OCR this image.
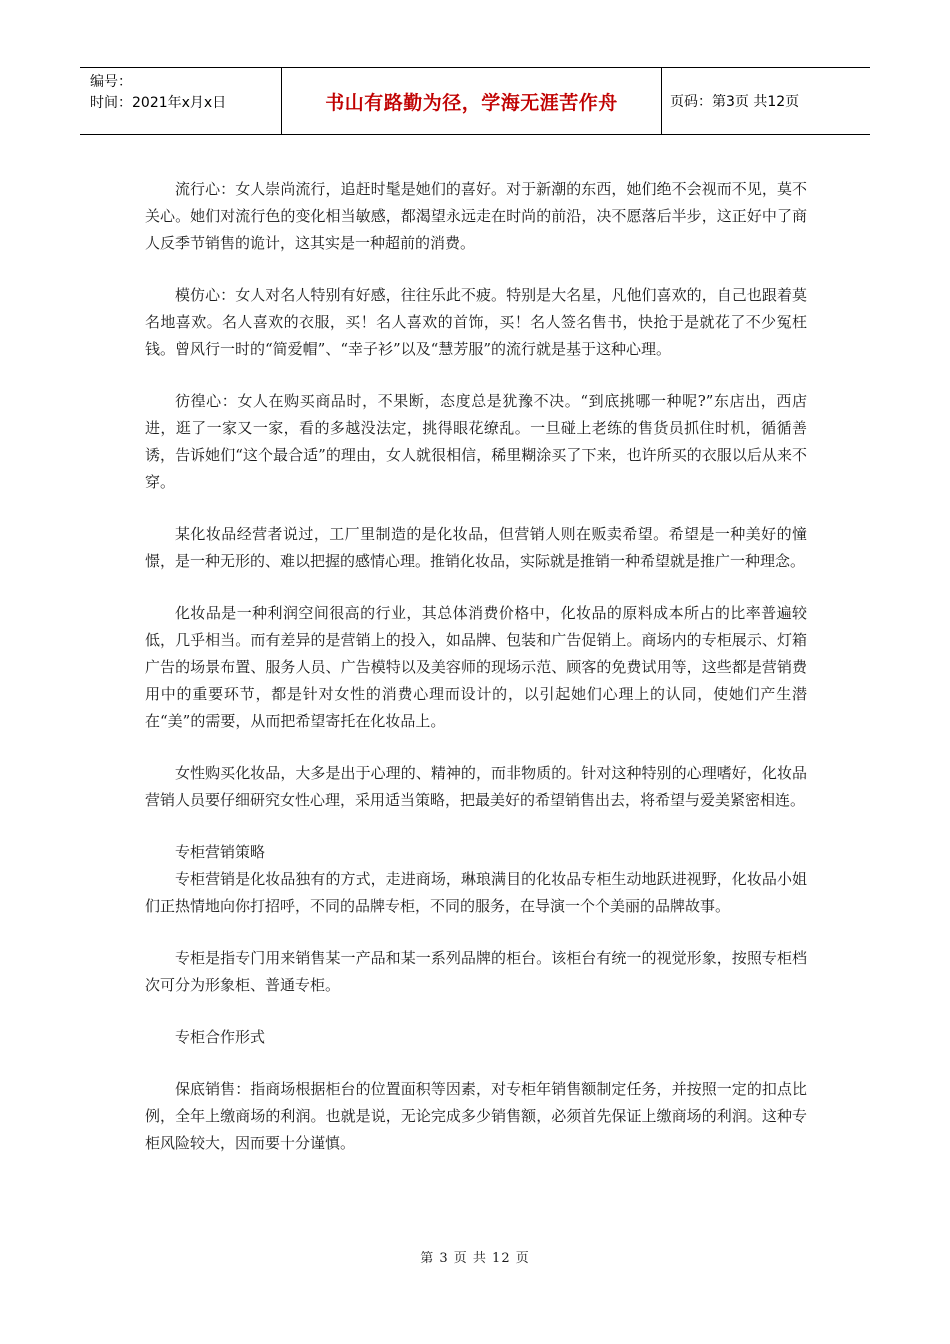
编号：
时间：2021年x月x日	书山有路勤为径，学海无涯苦作舟	页码：第3页 共12页

流行心：女人崇尚流行，追赶时髦是她们的喜好。对于新潮的东西，她们绝不会视而不见，莫不关心。她们对流行色的变化相当敏感，都渴望永远走在时尚的前沿，决不愿落后半步，这正好中了商人反季节销售的诡计，这其实是一种超前的消费。

模仿心：女人对名人特别有好感，往往乐此不疲。特别是大名星，凡他们喜欢的，自己也跟着莫名地喜欢。名人喜欢的衣服，买！名人喜欢的首饰，买！名人签名售书，快抢于是就花了不少冤枉钱。曾风行一时的“简爱帽”、“幸子衫”以及“慧芳服”的流行就是基于这种心理。

彷徨心：女人在购买商品时，不果断，态度总是犹豫不决。“到底挑哪一种呢?”东店出，西店进，逛了一家又一家，看的多越没法定，挑得眼花缭乱。一旦碰上老练的售货员抓住时机，循循善诱，告诉她们“这个最合适”的理由，女人就很相信，稀里糊涂买了下来，也许所买的衣服以后从来不穿。

某化妆品经营者说过，工厂里制造的是化妆品，但营销人则在贩卖希望。希望是一种美好的憧憬，是一种无形的、难以把握的感情心理。推销化妆品，实际就是推销一种希望就是推广一种理念。

化妆品是一种利润空间很高的行业，其总体消费价格中，化妆品的原料成本所占的比率普遍较低，几乎相当。而有差异的是营销上的投入，如品牌、包装和广告促销上。商场内的专柜展示、灯箱广告的场景布置、服务人员、广告模特以及美容师的现场示范、顾客的免费试用等，这些都是营销费用中的重要环节，都是针对女性的消费心理而设计的，以引起她们心理上的认同，使她们产生潜在“美”的需要，从而把希望寄托在化妆品上。

女性购买化妆品，大多是出于心理的、精神的，而非物质的。针对这种特别的心理嗜好，化妆品营销人员要仔细研究女性心理，采用适当策略，把最美好的希望销售出去，将希望与爱美紧密相连。

专柜营销策略

专柜营销是化妆品独有的方式，走进商场，琳琅满目的化妆品专柜生动地跃进视野，化妆品小姐们正热情地向你打招呼，不同的品牌专柜，不同的服务，在导演一个个美丽的品牌故事。

专柜是指专门用来销售某一产品和某一系列品牌的柜台。该柜台有统一的视觉形象，按照专柜档次可分为形象柜、普通专柜。

专柜合作形式

保底销售：指商场根据柜台的位置面积等因素，对专柜年销售额制定任务，并按照一定的扣点比例，全年上缴商场的利润。也就是说，无论完成多少销售额，必须首先保证上缴商场的利润。这种专柜风险较大，因而要十分谨慎。

第 3 页 共 12 页
